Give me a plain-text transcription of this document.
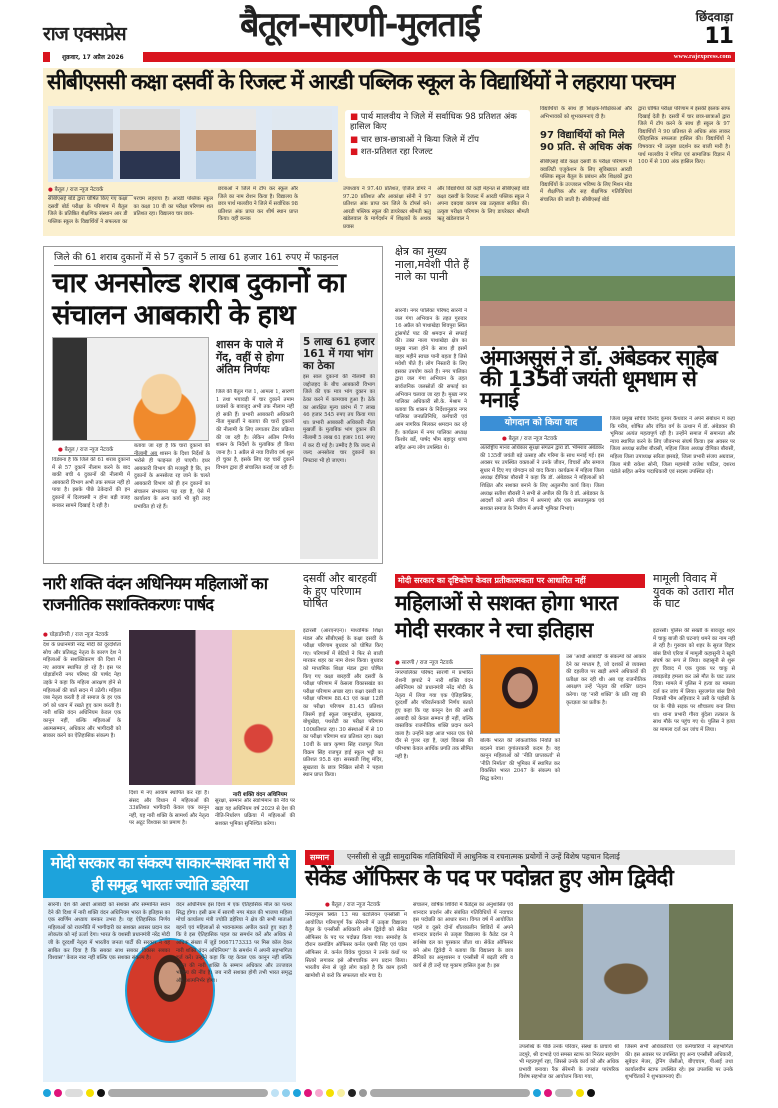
राज एक्सप्रेस	बैतूल-सारणी-मुलताई	छिंदवाड़ा
11
शुक्रवार, 17 अप्रैल 2026	www.rajexpress.com
सीबीएससी कक्षा दसवीं के रिजल्ट में आरडी पब्लिक स्कूल के विद्यार्थियों ने लहराया परचम
■ पार्थ मालवीय ने जिले में सर्वाधिक 98 प्रतिशत अंक हासिल किए
■ चार छात्र-छात्राओं ने किया जिले में टॉप
■ शत-प्रतिशत रहा रिजल्ट
● बैतूल / राज न्यूज नेटवर्क
सीबीएसई बोर्ड द्वारा घोषित किए गए कक्षा दसवीं बोर्ड परीक्षा के परिणाम में बैतूल जिले के प्रतिष्ठित शैक्षणिक संस्थान आर डी पब्लिक स्कूल के विद्यार्थियों ने सफलता का परचम लहराया है। आरडी पब्लिक स्कूल का कक्षा 10 वी का परीक्षा परिणाम शत प्रतिशत रहा। विद्यालय चार छात्र-
छात्राओं ने जिले में टॉप कर स्कूल और जिले का नाम रोशन किया है। विद्यालय के छात्र पार्थ मालवीय ने जिले में सर्वाधिक 98 प्रतिशत अंक प्राप्त कर शीर्ष स्थान प्राप्त किया। वहीं कनक
उपाध्याय ने 97.40 प्रतिशत, एंजिल डोंगरे ने 97.20 प्रतिशत और आकांक्षा सोनी ने 97 प्रतिशत अंक प्राप्त कर जिले के टॉपर्स बने। आरडी पब्लिक स्कूल की डायरेक्टर श्रीमती ऋतु खंडेलवाल के मार्गदर्शन में शिक्षकों के अथक प्रयास
और विद्यार्थियों की कड़ी मेहनत से सीबीएसई बोर्ड कक्षा दसवीं के रिजल्ट में आरडी पब्लिक स्कूल ने अपना दबदबा कायम रख उत्कृष्टता साबित की। उत्कृष्ट परीक्षा परिणाम के लिए डायरेक्टर श्रीमती ऋतु खंडेलवाल ने
विद्यार्थियों के साथ ही शिक्षक-शिक्षिकाओं और अभिभावकों को शुभकामनाएं दी है।
97 विद्यार्थियों को मिले 90 प्रति. से अधिक अंक
सीबीएसई बोर्ड कक्षा दसवीं के परीक्षा परिणाम में क्वालिटी एजुकेशन के लिए सुविख्यात आरडी पब्लिक स्कूल बैतूल के प्रबंधन और शिक्षकों द्वारा विद्यार्थियों के उज्जवल भविष्य के लिए मिशन मोड में शैक्षणिक और सह शैक्षणिक गतिविधियां संचालित की जाती है। सीबीएसई बोर्ड
द्वारा घोषित परीक्षा परिणाम में इसकी झलक साफ दिखाई देती है। दसवीं में चार छात्र-छात्राओं द्वारा जिले में टॉप करने के साथ ही स्कूल के 97 विद्यार्थियों ने 90 प्रतिशत से अधिक अंक लाकर ऐतिहासिक सफलता हासिल की। विद्यार्थियों ने विषयवार भी उत्कृष्ट प्रदर्शन कर बाजी मारी है। पार्थ मालवीय ने गणित एवं सामाजिक विज्ञान में 100 में से 100 अंक हासिल किए।
जिले की 61 शराब दुकानों में से 57 दुकानें 5 लाख 61 हजार 161 रुपए में फाइनल
चार अनसोल्ड शराब दुकानों का संचालन आबकारी के हाथ
● बैतूल / राज न्यूज नेटवर्क
विडंबना है कि जिले की 61 शराब दुकानों में से 57 दुकानें नीलाम करने के बाद बाकी बची 4 दुकानों की नीलामी में आबकारी विभाग अभी तक सफल नहीं हो पाया है। इसके पीछे ठेकेदारों की इन दुकानों में दिलचस्पी न होना बड़ी वजह बनकर सामने दिखाई दे रही है।
बताया जा रहा है कि चारों दुकानों की नीलामी अब शासन के दिशा निर्देशों के भरोसे ही फाइनल हो पाएगी। इधर आबकारी विभाग की मजबूरी है कि, इन दुकानों के अनसोल्ड रह जाने के चलते आबकारी विभाग को ही इन दुकानों का संचालन संभालना पड़ रहा है, ऐसे में कार्यालय के अन्य कार्य भी बुरी तरह प्रभावित हो रहे हैं।
शासन के पाले में गेंद, वहीं से होगा अंतिम निर्णयः
जिले की बैतूल गंज 1, आमला 1, सारणी 1 तथा भयावड़ी में चार दुकानें तमाम प्रयासों के बावजूद अभी तक नीलाम नहीं हो सकी हैं। प्रभारी आबकारी अधिकारी नीता मुखर्जी ने बताया की चारों दुकानों की नीलामी के लिए लगातार टेंडर प्रक्रिया की जा रही है। लेकिन अंतिम निर्णय शासन के निर्देशों के मुताबिक ही किया जाना है। 1 अप्रैल से नया वित्तीय वर्ष शुरू हो चुका है, इसके लिए यह चारों दुकानें विभाग द्वारा ही संचालित कराई जा रही हैं।
5 लाख 61 हजार 161 में गया भांग का ठेका
इस साल दुकानों की नीलामी की जद्दोजहद के बीच आबकारी विभाग जिले की एक मात्र भांग दुकान का ठेका करने में कामयाब हुआ है। ठेके का आरक्षित मूल्य प्रारंभ में 7 लाख 46 हजार 545 रुपए तय किया गया था। प्रभारी आबकारी अधिकारी नीता मुखर्जी के मुताबिक भांग दुकान की नीलामी 5 लाख 61 हजार 161 रुपए में कर दी गई है। उम्मीद है कि जल्द से जल्द अनसोल्ड चार दुकानों का निपटारा भी हो जाएगा।
क्षेत्र का मुख्य नाला,मवेशी पीते हैं नाले का पानी
सारनी। नगर पालिका परिषद सारनी ने जल गंगा अभियान के तहत गुरुवार 16 अप्रैल को पाथाखेड़ा शिवपुरा स्थित ट्रांसपोर्ट पाट की श्रमदान से सफाई की। उक्त नाला पाथाखेड़ा क्षेत्र का प्रमुख नाला होने के साथ ही इसमें बाहर महीने स्वच्छ पानी बहता है जिसे मवेशी पीते हैं। लोग निस्तारी के लिए इसका उपयोग करते हैं। नगर पालिका द्वारा जल गंगा अभियान के तहत सार्वजनिक जलस्रोतों की सफाई का अभियान चलाया जा रहा है। मुख्य नगर पालिका अधिकारी सी.के. मेश्राम ने बताया कि शासन के निर्देशानुसार नगर पालिका जनप्रतिनिधि, कर्मचारी एवं आम नागरिक मिलकर श्रमदान कर रहे हैं। कार्यक्रम में नगर पालिका अध्यक्ष किशोर बर्डे, पार्षद भीम बहादुर थापा सहित अन्य लोग उपस्थित थे।
अंमाअसुसं ने डॉ. अंबेडकर साहेब की 135वीं जयंती धूमधाम से मनाई
योगदान को किया याद
● बैतूल / राज न्यूज नेटवर्क
अंतर्राष्ट्रीय मानव अधिकार सुरक्षा संगठन द्वारा डॉ. भीमराव अंबेडकर की 135वीं जयंती बड़े उत्साह और गरिमा के साथ मनाई गई। इस अवसर पर उपस्थित वक्ताओं ने उनके जीवन, विचारों और समाज सुधार में दिए गए योगदान को याद किया। कार्यक्रम में महिला जिला अध्यक्ष दीपिका बौरासी ने कहा कि डॉ. अंबेडकर ने महिलाओं को शिक्षित और सशक्त बनाने के लिए अतुलनीय कार्य किए। जिला अध्यक्ष सतीश बौरासी ने सभी से अपील की कि वे डॉ. अंबेडकर के आदर्शों को अपने जीवन में अपनाएं और एक समतामूलक एवं सशक्त समाज के निर्माण में अपनी भूमिका निभाएं।
जिला प्रमुख सचिव विनोद कुमार कैथवार ने अपने संबोधन में कहा कि गरीब, शोषित और वंचित वर्ग के उत्थान में डॉ. अंबेडकर की भूमिका अत्यंत महत्वपूर्ण रही है। उन्होंने समाज में समानता और न्याय स्थापित करने के लिए जीवनभर संघर्ष किया। इस अवसर पर जिला अध्यक्ष सतीश बौरासी, महिला जिला अध्यक्ष दीपिका बौरासी, महिला जिला उपाध्यक्ष सरिता झरबड़े, जिला प्रभारी संजय अग्रवाल, जिला मंत्री राकेश सोनी, जिला महामंत्री राजेश पाटिल, दशरथ पंडोले सहित अनेक पदाधिकारी एवं सदस्य उपस्थित रहे।
नारी शक्ति वंदन अधिनियम महिलाओं का राजनीतिक सशक्तिकरणः पार्षद
● घोड़ाडोंगरी / राज न्यूज नेटवर्क
देश के प्रधानमंत्री नरेंद्र मोदी की दूरदर्शिता सोच और प्रतिबद्ध नेतृत्व के कारण देश ने महिलाओं के सशक्तिकरण की दिशा में नए आयाम स्थापित हो रहे है। इस पर घोड़ाडोंगरी नगर परिषद की पार्षद नेहा उइके ने कहा कि महिला आरक्षण होने से महिलाओं की बातें सदन में उठेंगी। महिला जब नेतृत्व करती है तो समाज के हर एक वर्ग को ध्यान में रखते हुए काम करती है। नारी शक्ति वंदन अधिनियम केवल एक कानून नहीं, बल्कि महिलाओं के आत्मसम्मान, अधिकार और भागीदारी को साकार करने का ऐतिहासिक संकल्प है।
दिशा में नए आयाम स्थापित कर रहा है। संसद और विधान में महिलाओं की 33प्रतिशत भागीदारी केवल एक कानून नहीं, यह नारी शक्ति के सामर्थ्य और नेतृत्व पर अटूट विश्वास का प्रमाण है।
नारी शक्ति वंदन अधिनियम
सुरक्षा, सम्मान और स्वाभिमान की नींव पर खड़ा यह अधिनियम वर्ष 2029 से देश की नीति-निर्धारण प्रक्रिया में महिलाओं की सशक्त भूमिका सुनिश्चित करेगा।
दसवीं और बारहवीं के हुए परिणाम घोषित
इटारसी (आरएनएन)। माध्यमिक शिक्षा मंडल और सीबीएसई के कक्षा दसवीं के परीक्षा परिणाम बुधवार को घोषित किए गए। परिणामों में बेटियों ने फिर से बाजी मारकर शहर का नाम रोशन किया। बुधवार को माध्यमिक शिक्षा मंडल द्वारा घोषित किए गए कक्षा बारहवीं और दसवीं के परीक्षा परिणाम में केसला विकासखंड का परीक्षा परिणाम अच्छा रहा। कक्षा दसवीं का परीक्षा परिणाम 88.43 एवं कक्षा 12वीं का परीक्षा परिणाम 81.45 प्रतिशत जिसमें हाई स्कूल जामुनडोल, सुखतवा, बोथुखेड़ा, पथरोटी का परीक्षा परिणाम 100प्रतिशत रहा। 30 संस्थाओं में से 10 का परीक्षा परिणाम शत प्रतिशत रहा। कक्षा 10वीं के छात्र कृष्णा सिंह राजपूत पिता विक्रम सिंह राजपूत हाई स्कूल भट्टी का प्रतिशत 95.8 रहा। सरस्वती शिशु मंदिर, सुखतवा के छात्र निखिल सोनी ने पहला स्थान प्राप्त किया।
मोदी सरकार का दृष्टिकोण केवल प्रतीकात्मकता पर आधारित नहीं
महिलाओं से सशक्त होगा भारत मोदी सरकार ने रचा इतिहास
● सारणी / राज न्यूज नेटवर्क
नगरपालिका परिषद सारणी में प्रभारित रोशनी झपाटे ने नारी शक्ति वंदन अधिनियम को प्रधानमंत्री नरेंद्र मोदी के नेतृत्व में लिया गया एक ऐतिहासिक, दूरदर्शी और परिवर्तनकारी निर्णय बताते हुए कहा कि यह कानून देश की आधी आबादी को केवल सम्मान ही नहीं, बल्कि वास्तविक राजनीतिक शक्ति प्रदान करने वाला है। उन्होंने कहा आज भारत एक ऐसे दौर से गुजर रहा है, जहां विकास की परिभाषा केवल आर्थिक प्रगति तक सीमित नहीं है।
बल्कि भारत की लोकतांत्रिक नियति को बदलने वाला युगांतरकारी कदम है। यह कानून महिलाओं को 'नीति प्राप्तकर्ता' से 'नीति निर्माता' की भूमिका में स्थापित कर विकसित भारत 2047 के संकल्प को सिद्ध करेगा।
उस 'आधी आबादी' के संकल्पों को आकार देने का माध्यम है, जो दशकों से व्यवस्था की दहलीज पर खड़ी अपने अधिकारों की प्रतीक्षा कर रही थी। अब यह राजनीतिक आरक्षण उन्हें 'नेतृत्व की शक्ति' प्रदान करेगा। यह 'नारी शक्ति' के प्रति राष्ट्र की कृतज्ञता का प्रतीक है।
मामूली विवाद में युवक को उतारा मौत के घाट
इटारसी। पुलिस की सख्ती के बावजूद शहर में चाकू बाजी की घटनाएं थमने का नाम नहीं ले रही है। गुरुवार को शहर के सूरज विहार बांस डिपो एरिया में मामूली कहासुनी ने खूनी संघर्ष का रूप ले लिया। कहासुनी से शुरू हुए विवाद में एक युवक पर चाकू से ताबड़तोड़ हमला कर उसे मौत के घाट उतार दिया। मामले में पुलिस ने हत्या का मामला दर्ज कर जांच में लिया। सूरजगंज बांस डिपो निवासी भीम अहिरवार ने उसी के पड़ोसी के घर के पीछे सड़क पर शौचालय बना लिया था। थाना प्रभारी गौरव बुंदेला तत्काल के साथ मौके पर पहुंच गए थे। पुलिस ने हत्या का मामला दर्ज कर जांच में लिया।
मोदी सरकार का संकल्प साकार-सशक्त नारी से ही समृद्ध भारतः ज्योति डहेरिया
सारनी। देश की आधी आबादी को सशक्त और सम्मानित स्थान देने की दिशा में नारी शक्ति वंदन अधिनियम भारत के इतिहास का एक स्वर्णिम अध्याय बनकर उभरा है। यह ऐतिहासिक निर्णय महिलाओं को राजनीति में भागीदारी का सशक्त अवसर प्रदान कर लोकतंत्र को नई ऊर्जा देगा। भारत के यशस्वी प्रधानमंत्री नरेंद्र मोदी जी के दूरदर्शी नेतृत्व में भारतीय जनता पार्टी की सरकार ने यह साबित कर दिया है कि सबका साथ सबका विकास सबका विश्वास'' केवल नारा नहीं बल्कि एक सशक्त संकल्प है।
वंदन अधिनियम इस दिशा में एक ऐतिहासिक मील का पत्थर सिद्ध होगा। इसी क्रम में सारणी नगर मंडल की भाजपा महिला मोर्चा कार्यालय मंत्री ज्योति डहेरिया ने क्षेत्र की सभी माताओं बहनों एवं महिलाओं से भावनात्मक अपील करते हुए कहा है कि वे इस ऐतिहासिक पहल का समर्थन करें और अधिक से अधिक संख्या में जुड़ें 9667173333 पर मिस कॉल देकर नारी शक्ति वंदन अधिनियम'' के समर्थन में अपनी सहभागिता दर्ज करें। उन्होंने कहा कि यह केवल एक कानून नहीं बल्कि भारत की नारी शक्ति के सम्मान अधिकार और उज्जवल भविष्य की नींव है। जब नारी सशक्त होगी तभी भारत समृद्ध और आत्मनिर्भर होगा।
सम्मान	एनसीसी से जुड़ी सामुदायिक गतिविधियों में आधुनिक व रचनात्मक प्रयोगों ने उन्हें विशेष पहचान दिलाई
सेकेंड ऑफिसर के पद पर पदोन्नत हुए ओम द्विवेदी
● बैतूल / राज न्यूज नेटवर्क
नर्मदापुरम स्थित 13 मप्र बटालियन एनसीसी में आयोजित गरिमापूर्ण रैंक सेरेमनी में उत्कृष्ट विद्यालय बैतूल के एनसीसी अधिकारी ओम द्विवेदी को सेकेंड ऑफिसर के पद पर पदोन्नत किया गया। समारोह के दौरान कमांडिंग ऑफिसर कर्नल एसपी सिंह एवं एडम ऑफिसर ले. कर्नल विवेक चुंदावत ने उनके कंधों पर सितारे लगाकर इसे औपचारिक रूप प्रदान किया। भारतीय सेना से जुड़े लोग कहते है कि काम इतनी खामोशी से करो कि सफलता शोर मचा दे।
संचालन, वार्षिक शिविरों में कैडेट्स का अनुशासित एवं शानदार प्रदर्शन और संबंधित गतिविधियों में नवाचार इस पदोन्नति का आधार बना। विगत वर्ष में आयोजित पहले व दूसरे दोनों शीतकालीन शिविरों में अपने शानदार प्रदर्शन से उत्कृष्ट विद्यालय के कैडेट दल ने सर्वश्रेष्ठ दल का पुरस्कार जीता था। सेकेंड ऑफिसर बने ओम द्विवेदी ने बताया कि विद्यालय के छात्र सैनिकों का अनुशासन व एनसीसी में बढ़ती रुचि व कार्य से ही उन्हें यह मुकाम हासिल हुआ है। इस
उपलब्धि के पीछे उनके परिवार, संस्था के प्राचार्य श्री उदपुरे, श्री दाभाड़े एवं समस्त स्टाफ का निरंतर सहयोग भी महत्वपूर्ण रहा, जिससे उनके कार्य को और अधिक प्रभावी बनाया। रैंक सेरेमनी के उपरांत पारंपरिक विशेष सहभोज का आयोजन किया गया,
जिसमें सभी अधिकारियों एवं कर्मचारियों ने सहभागिता की। इस अवसर पर उपस्थित हुए अन्य एनसीसी अधिकारी, सूबेदार मेजर, ट्रेनिंग जेसीओ, बीएचएम, पीआई तथा कार्यालयीन स्टाफ उपस्थित रहे। इस उपलब्धि पर उनके शुभचिंतकों ने शुभकामनाएं दीं।
